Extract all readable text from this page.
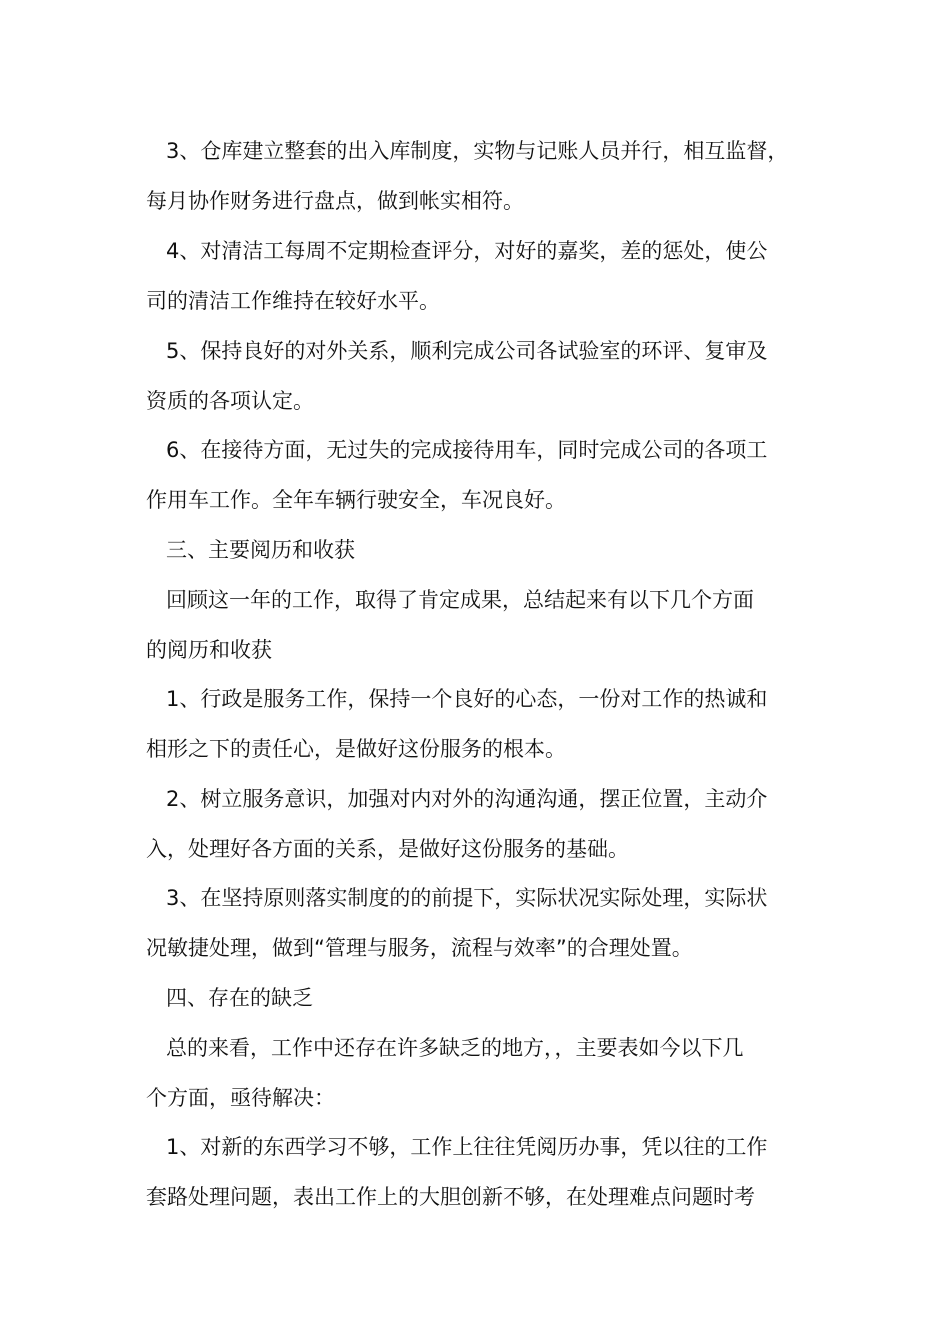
3、仓库建立整套的出入库制度，实物与记账人员并行，相互监督，
每月协作财务进行盘点，做到帐实相符。
4、对清洁工每周不定期检查评分，对好的嘉奖，差的惩处，使公
司的清洁工作维持在较好水平。
5、保持良好的对外关系，顺利完成公司各试验室的环评、复审及
资质的各项认定。
6、在接待方面，无过失的完成接待用车，同时完成公司的各项工
作用车工作。全年车辆行驶安全，车况良好。
三、主要阅历和收获
回顾这一年的工作，取得了肯定成果，总结起来有以下几个方面
的阅历和收获
1、行政是服务工作，保持一个良好的心态，一份对工作的热诚和
相形之下的责任心，是做好这份服务的根本。
2、树立服务意识，加强对内对外的沟通沟通，摆正位置，主动介
入，处理好各方面的关系，是做好这份服务的基础。
3、在坚持原则落实制度的的前提下，实际状况实际处理，实际状
况敏捷处理，做到“管理与服务，流程与效率”的合理处置。
四、存在的缺乏
总的来看，工作中还存在许多缺乏的地方，，主要表如今以下几
个方面，亟待解决：
1、对新的东西学习不够，工作上往往凭阅历办事，凭以往的工作
套路处理问题，表出工作上的大胆创新不够，在处理难点问题时考
